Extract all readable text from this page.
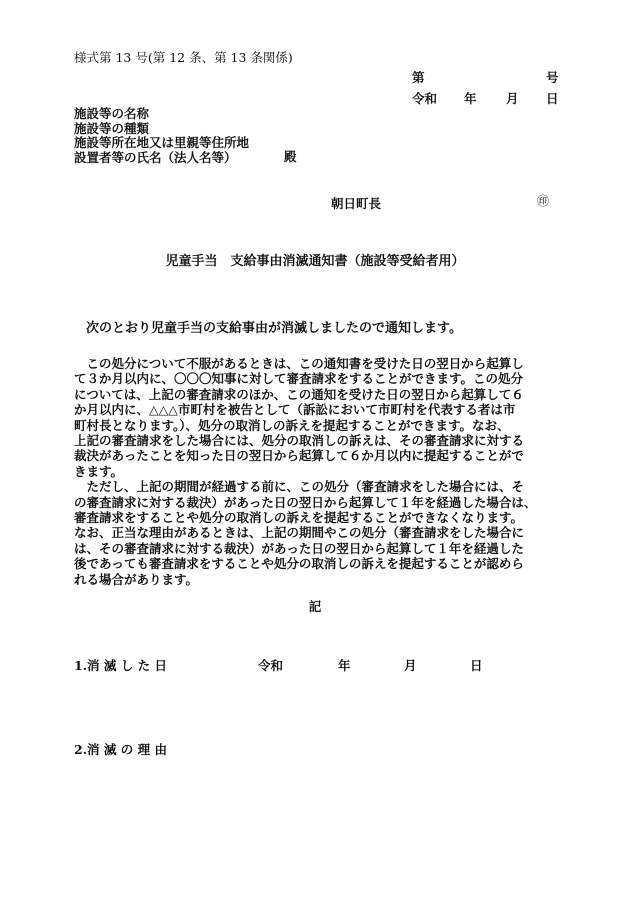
様式第 13 号(第 12 条、第 13 条関係)
第	号
令和 年 月 日
施設等の名称
施設等の種類
施設等所在地又は里親等住所地
設置者等の氏名（法人名等）	殿
朝日町長	㊞
児童手当　支給事由消滅通知書（施設等受給者用）
次のとおり児童手当の支給事由が消滅しましたので通知します。
　この処分について不服があるときは、この通知書を受けた日の翌日から起算し
て３か月以内に、〇〇〇知事に対して審査請求をすることができます。この処分
については、上記の審査請求のほか、この通知を受けた日の翌日から起算して６
か月以内に、△△△市町村を被告として（訴訟において市町村を代表する者は市
町村長となります。）、処分の取消しの訴えを提起することができます。なお、
上記の審査請求をした場合には、処分の取消しの訴えは、その審査請求に対する
裁決があったことを知った日の翌日から起算して６か月以内に提起することがで
きます。
　ただし、上記の期間が経過する前に、この処分（審査請求をした場合には、そ
の審査請求に対する裁決）があった日の翌日から起算して１年を経過した場合は、
審査請求をすることや処分の取消しの訴えを提起することができなくなります。
なお、正当な理由があるときは、上記の期間やこの処分（審査請求をした場合に
は、その審査請求に対する裁決）があった日の翌日から起算して１年を経過した
後であっても審査請求をすることや処分の取消しの訴えを提起することが認めら
れる場合があります。
記
1.消 滅 し た 日	令和	年	月	日
2.消 滅 の 理 由
